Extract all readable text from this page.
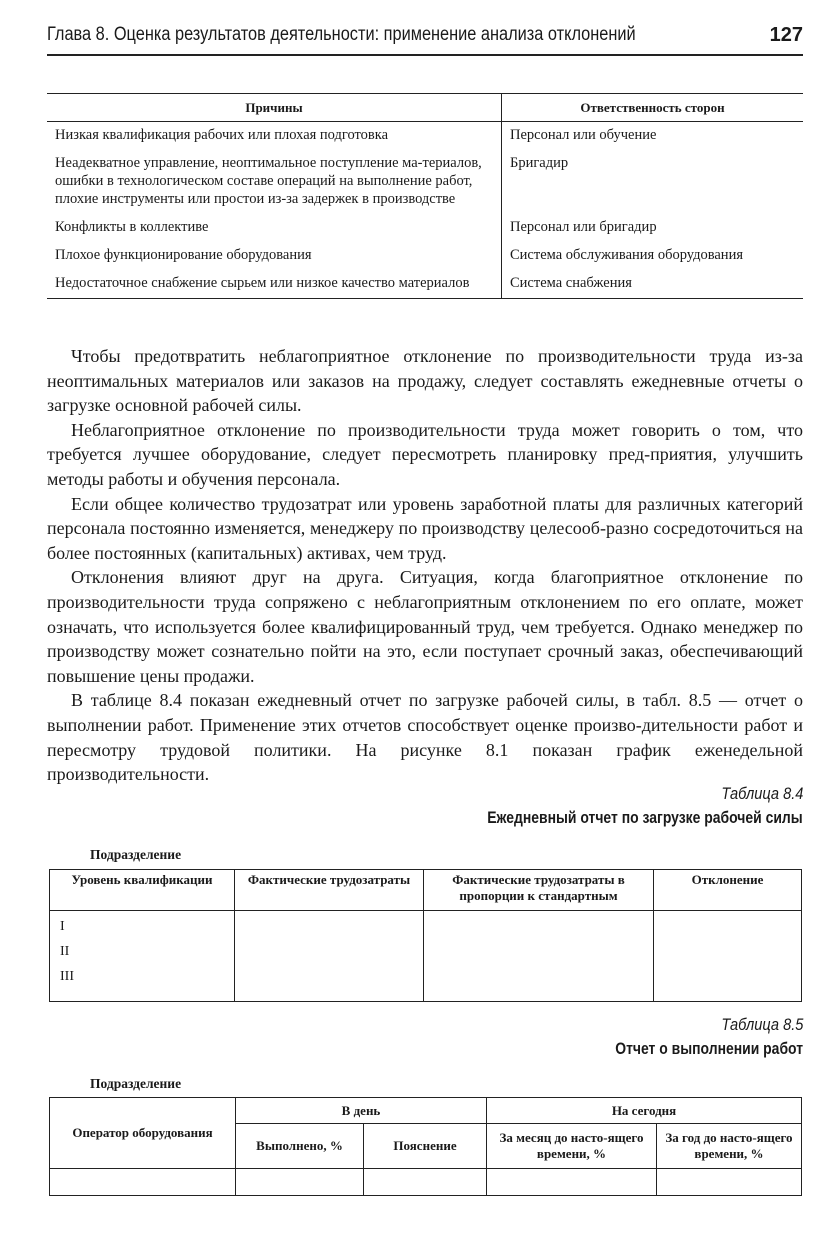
Глава 8. Оценка результатов деятельности: применение анализа отклонений	127
Причины	Ответственность сторон
Низкая квалификация рабочих или плохая подготовка	Персонал или обучение
Неадекватное управление, неоптимальное поступление ма-териалов, ошибки в технологическом составе операций на выполнение работ, плохие инструменты или простои из-за задержек в производстве	Бригадир
Конфликты в коллективе	Персонал или бригадир
Плохое функционирование оборудования	Система обслуживания оборудования
Недостаточное снабжение сырьем или низкое качество материалов	Система снабжения

Чтобы предотвратить неблагоприятное отклонение по производительности труда из-за неоптимальных материалов или заказов на продажу, следует составлять ежедневные отчеты о загрузке основной рабочей силы.

Неблагоприятное отклонение по производительности труда может говорить о том, что требуется лучшее оборудование, следует пересмотреть планировку пред-приятия, улучшить методы работы и обучения персонала.

Если общее количество трудозатрат или уровень заработной платы для различных категорий персонала постоянно изменяется, менеджеру по производству целесооб-разно сосредоточиться на более постоянных (капитальных) активах, чем труд.

Отклонения влияют друг на друга. Ситуация, когда благоприятное отклонение по производительности труда сопряжено с неблагоприятным отклонением по его оплате, может означать, что используется более квалифицированный труд, чем требуется. Однако менеджер по производству может сознательно пойти на это, если поступает срочный заказ, обеспечивающий повышение цены продажи.

В таблице 8.4 показан ежедневный отчет по загрузке рабочей силы, в табл. 8.5 — отчет о выполнении работ. Применение этих отчетов способствует оценке произво-дительности работ и пересмотру трудовой политики. На рисунке 8.1 показан график еженедельной производительности.

Таблица 8.4
Ежедневный отчет по загрузке рабочей силы
Подразделение
Уровень квалификации	Фактические трудозатраты	Фактические трудозатраты в пропорции к стандартным	Отклонение

I
II
III			

Таблица 8.5
Отчет о выполнении работ
Подразделение
Оператор оборудования	В день		На сегодня	
	Выполнено, %	Пояснение	За месяц до насто-ящего времени, %	За год до насто-ящего времени, %
